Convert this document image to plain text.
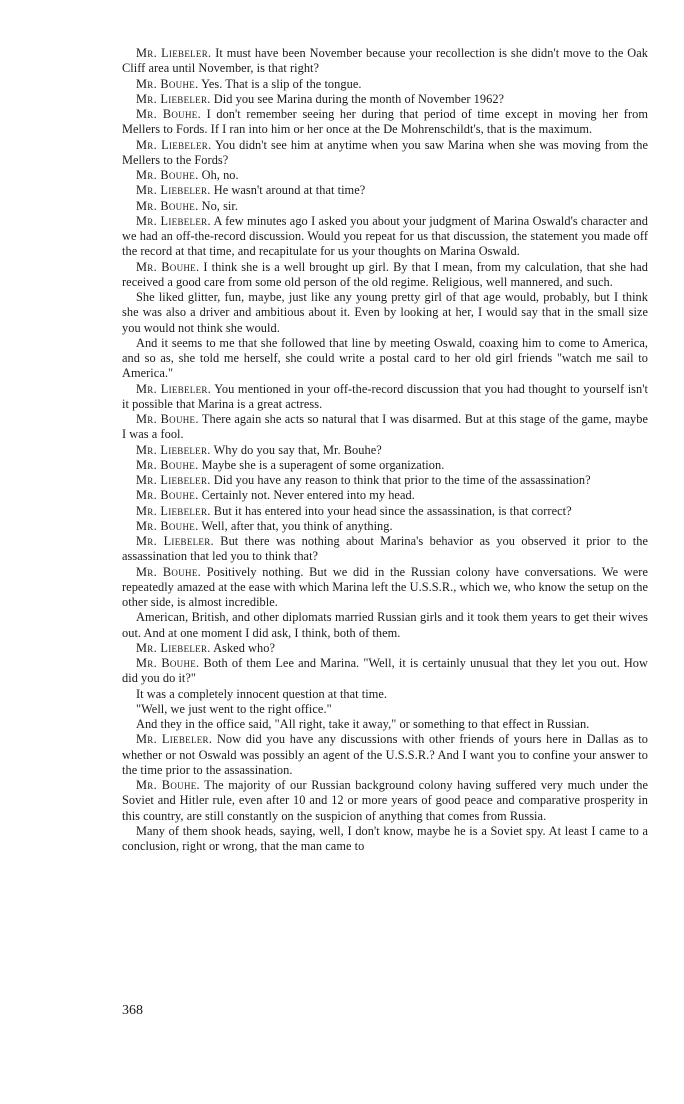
Mr. Liebeler. It must have been November because your recollection is she didn't move to the Oak Cliff area until November, is that right?

Mr. Bouhe. Yes. That is a slip of the tongue.

Mr. Liebeler. Did you see Marina during the month of November 1962?

Mr. Bouhe. I don't remember seeing her during that period of time except in moving her from Mellers to Fords. If I ran into him or her once at the De Mohrenschildt's, that is the maximum.

Mr. Liebeler. You didn't see him at anytime when you saw Marina when she was moving from the Mellers to the Fords?

Mr. Bouhe. Oh, no.

Mr. Liebeler. He wasn't around at that time?

Mr. Bouhe. No, sir.

Mr. Liebeler. A few minutes ago I asked you about your judgment of Marina Oswald's character and we had an off-the-record discussion. Would you repeat for us that discussion, the statement you made off the record at that time, and recapitulate for us your thoughts on Marina Oswald.

Mr. Bouhe. I think she is a well brought up girl. By that I mean, from my calculation, that she had received a good care from some old person of the old regime. Religious, well mannered, and such.

She liked glitter, fun, maybe, just like any young pretty girl of that age would, probably, but I think she was also a driver and ambitious about it. Even by looking at her, I would say that in the small size you would not think she would.

And it seems to me that she followed that line by meeting Oswald, coaxing him to come to America, and so as, she told me herself, she could write a postal card to her old girl friends "watch me sail to America."

Mr. Liebeler. You mentioned in your off-the-record discussion that you had thought to yourself isn't it possible that Marina is a great actress.

Mr. Bouhe. There again she acts so natural that I was disarmed. But at this stage of the game, maybe I was a fool.

Mr. Liebeler. Why do you say that, Mr. Bouhe?

Mr. Bouhe. Maybe she is a superagent of some organization.

Mr. Liebeler. Did you have any reason to think that prior to the time of the assassination?

Mr. Bouhe. Certainly not. Never entered into my head.

Mr. Liebeler. But it has entered into your head since the assassination, is that correct?

Mr. Bouhe. Well, after that, you think of anything.

Mr. Liebeler. But there was nothing about Marina's behavior as you observed it prior to the assassination that led you to think that?

Mr. Bouhe. Positively nothing. But we did in the Russian colony have conversations. We were repeatedly amazed at the ease with which Marina left the U.S.S.R., which we, who know the setup on the other side, is almost incredible.

American, British, and other diplomats married Russian girls and it took them years to get their wives out. And at one moment I did ask, I think, both of them.

Mr. Liebeler. Asked who?

Mr. Bouhe. Both of them Lee and Marina. "Well, it is certainly unusual that they let you out. How did you do it?"

It was a completely innocent question at that time.

"Well, we just went to the right office."

And they in the office said, "All right, take it away," or something to that effect in Russian.

Mr. Liebeler. Now did you have any discussions with other friends of yours here in Dallas as to whether or not Oswald was possibly an agent of the U.S.S.R.? And I want you to confine your answer to the time prior to the assassination.

Mr. Bouhe. The majority of our Russian background colony having suffered very much under the Soviet and Hitler rule, even after 10 and 12 or more years of good peace and comparative prosperity in this country, are still constantly on the suspicion of anything that comes from Russia.

Many of them shook heads, saying, well, I don't know, maybe he is a Soviet spy. At least I came to a conclusion, right or wrong, that the man came to

368
